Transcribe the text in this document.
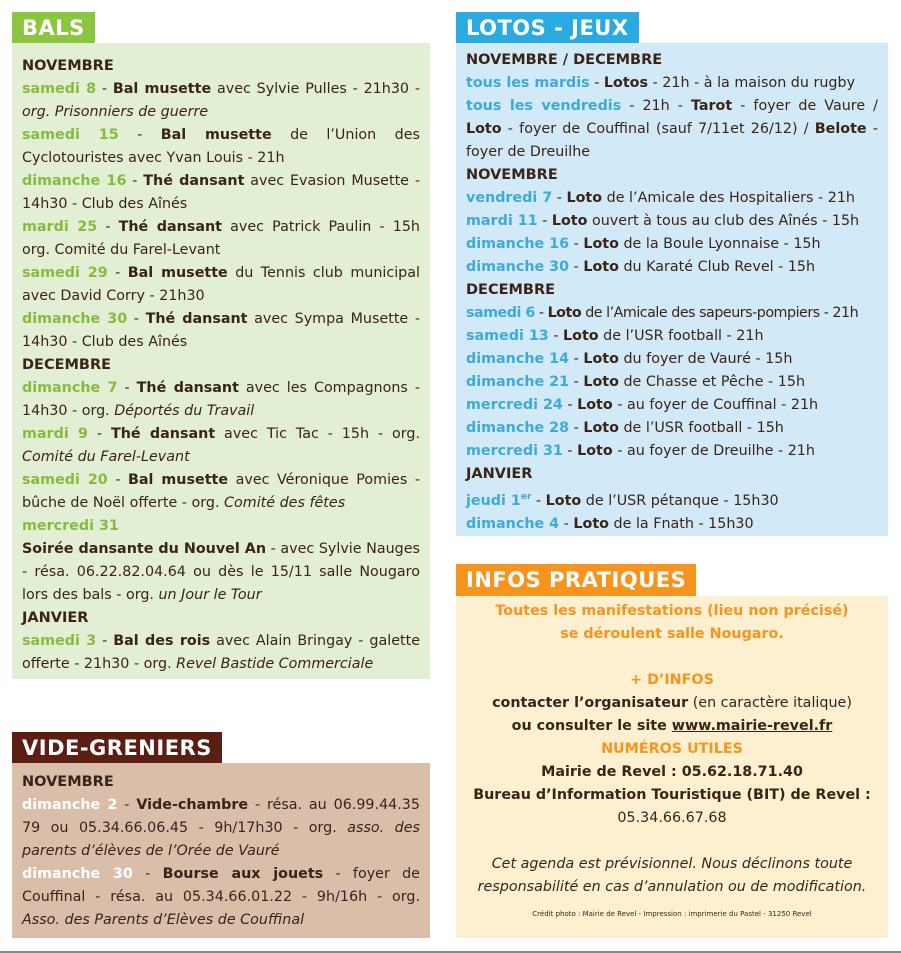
BALS
NOVEMBRE
samedi 8 - Bal musette avec Sylvie Pulles - 21h30 - org. Prisonniers de guerre
samedi 15 - Bal musette de l’Union des Cyclotouristes avec Yvan Louis - 21h
dimanche 16 - Thé dansant avec Evasion Musette - 14h30 - Club des Aînés
mardi 25 - Thé dansant avec Patrick Paulin - 15h org. Comité du Farel-Levant
samedi 29 - Bal musette du Tennis club municipal avec David Corry - 21h30
dimanche 30 - Thé dansant avec Sympa Musette - 14h30 - Club des Aînés
DECEMBRE
dimanche 7 - Thé dansant avec les Compagnons - 14h30 - org. Déportés du Travail
mardi 9 - Thé dansant avec Tic Tac - 15h - org. Comité du Farel-Levant
samedi 20 - Bal musette avec Véronique Pomies - bûche de Noël offerte - org. Comité des fêtes
mercredi 31
Soirée dansante du Nouvel An - avec Sylvie Nauges - résa. 06.22.82.04.64 ou dès le 15/11 salle Nougaro lors des bals - org. un Jour le Tour
JANVIER
samedi 3 - Bal des rois avec Alain Bringay - galette offerte - 21h30 - org. Revel Bastide Commerciale
LOTOS - JEUX
NOVEMBRE / DECEMBRE
tous les mardis - Lotos - 21h - à la maison du rugby
tous les vendredis - 21h - Tarot - foyer de Vaure / Loto - foyer de Couffinal (sauf 7/11et 26/12) / Belote - foyer de Dreuilhe
NOVEMBRE
vendredi 7 - Loto de l’Amicale des Hospitaliers - 21h
mardi 11 - Loto ouvert à tous au club des Aînés - 15h
dimanche 16 - Loto de la Boule Lyonnaise - 15h
dimanche 30 - Loto du Karaté Club Revel - 15h
DECEMBRE
samedi 6 - Loto de l’Amicale des sapeurs-pompiers - 21h
samedi 13 - Loto de l’USR football - 21h
dimanche 14 - Loto du foyer de Vauré - 15h
dimanche 21 - Loto de Chasse et Pêche - 15h
mercredi 24 - Loto - au foyer de Couffinal - 21h
dimanche 28 - Loto de l’USR football - 15h
mercredi 31 - Loto - au foyer de Dreuilhe - 21h
JANVIER
jeudi 1er - Loto de l’USR pétanque - 15h30
dimanche 4 - Loto de la Fnath - 15h30
VIDE-GRENIERS
NOVEMBRE
dimanche 2 - Vide-chambre - résa. au 06.99.44.35 79 ou 05.34.66.06.45 - 9h/17h30 - org. asso. des parents d’élèves de l’Orée de Vauré
dimanche 30 - Bourse aux jouets - foyer de Couffinal - résa. au 05.34.66.01.22 - 9h/16h - org. Asso. des Parents d’Elèves de Couffinal
INFOS PRATIQUES
Toutes les manifestations (lieu non précisé)
se déroulent salle Nougaro.
+ D’INFOS
contacter l’organisateur (en caractère italique)
ou consulter le site www.mairie-revel.fr
NUMÉROS UTILES
Mairie de Revel : 05.62.18.71.40
Bureau d’Information Touristique (BIT) de Revel :
05.34.66.67.68
Cet agenda est prévisionnel. Nous déclinons toute responsabilité en cas d’annulation ou de modification.
Crédit photo : Mairie de Revel - Impression : imprimerie du Pastel - 31250 Revel
